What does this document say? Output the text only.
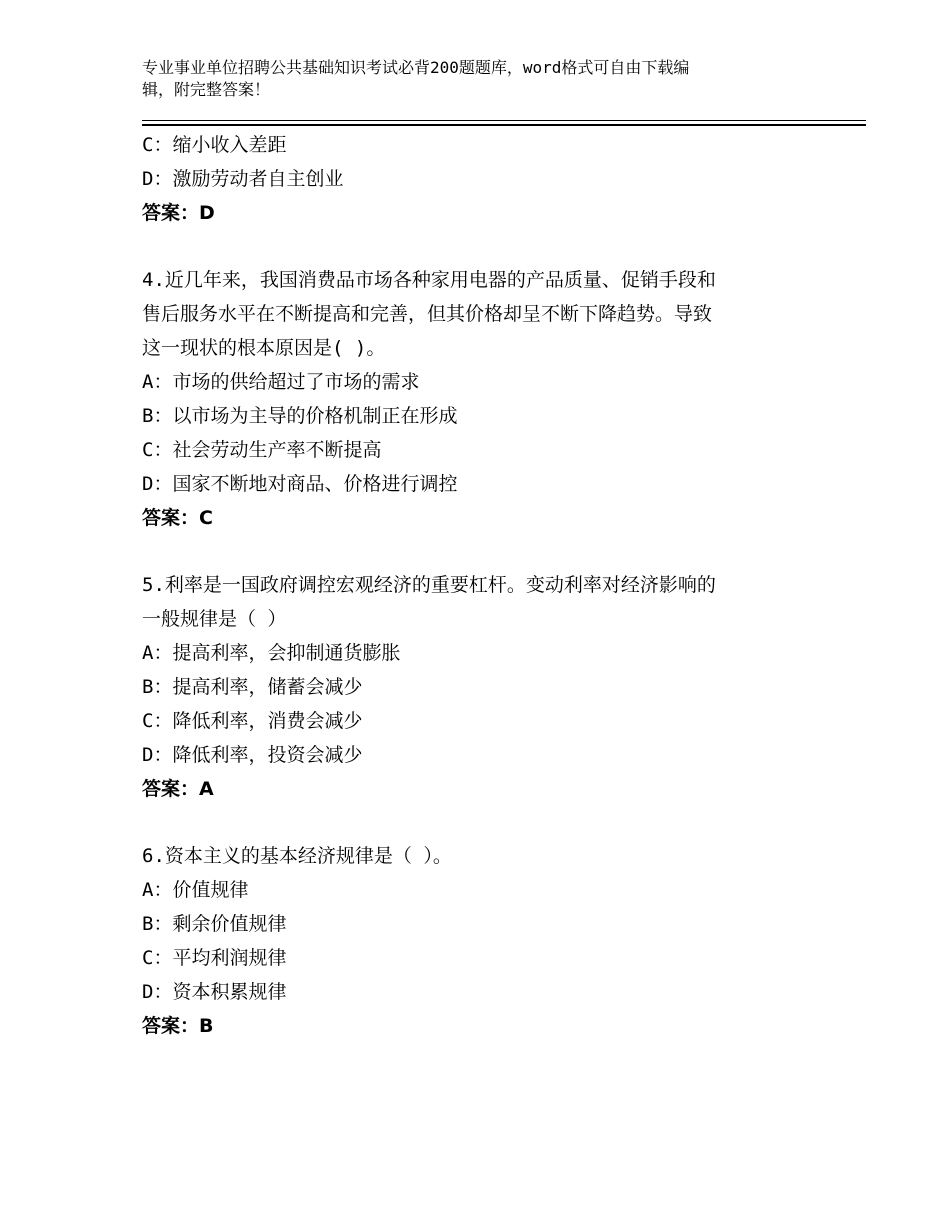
专业事业单位招聘公共基础知识考试必背200题题库，word格式可自由下载编
辑，附完整答案！
C：缩小收入差距
D：激励劳动者自主创业
答案：D
4.近几年来，我国消费品市场各种家用电器的产品质量、促销手段和
售后服务水平在不断提高和完善，但其价格却呈不断下降趋势。导致
这一现状的根本原因是( )。
A：市场的供给超过了市场的需求
B：以市场为主导的价格机制正在形成
C：社会劳动生产率不断提高
D：国家不断地对商品、价格进行调控
答案：C
5.利率是一国政府调控宏观经济的重要杠杆。变动利率对经济影响的
一般规律是（ ）
A：提高利率，会抑制通货膨胀
B：提高利率，储蓄会减少
C：降低利率，消费会减少
D：降低利率，投资会减少
答案：A
6.资本主义的基本经济规律是（ ）。
A：价值规律
B：剩余价值规律
C：平均利润规律
D：资本积累规律
答案：B
